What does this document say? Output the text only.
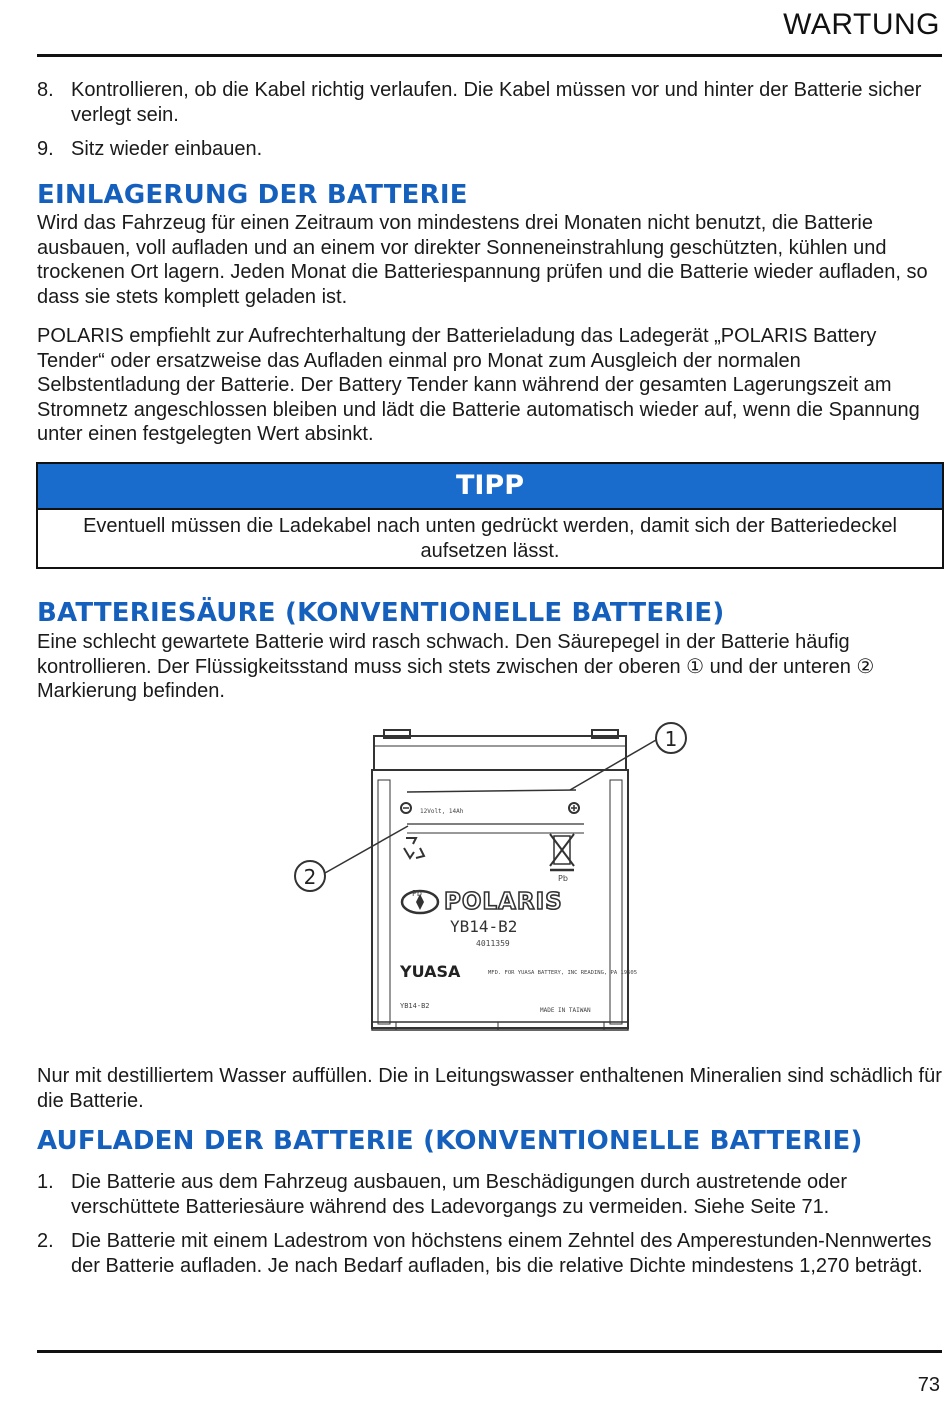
WARTUNG
8. Kontrollieren, ob die Kabel richtig verlaufen. Die Kabel müssen vor und hinter der Batterie sicher verlegt sein.
9. Sitz wieder einbauen.
EINLAGERUNG DER BATTERIE
Wird das Fahrzeug für einen Zeitraum von mindestens drei Monaten nicht benutzt, die Batterie ausbauen, voll aufladen und an einem vor direkter Sonneneinstrahlung geschützten, kühlen und trockenen Ort lagern. Jeden Monat die Batteriespannung prüfen und die Batterie wieder aufladen, so dass sie stets komplett geladen ist.
POLARIS empfiehlt zur Aufrechterhaltung der Batterieladung das Ladegerät „POLARIS Battery Tender“ oder ersatzweise das Aufladen einmal pro Monat zum Ausgleich der normalen Selbstentladung der Batterie. Der Battery Tender kann während der gesamten Lagerungszeit am Stromnetz angeschlossen bleiben und lädt die Batterie automatisch wieder auf, wenn die Spannung unter einen festgelegten Wert absinkt.
TIPP
Eventuell müssen die Ladekabel nach unten gedrückt werden, damit sich der Batteriedeckel aufsetzen lässt.
BATTERIESÄURE (KONVENTIONELLE BATTERIE)
Eine schlecht gewartete Batterie wird rasch schwach. Den Säurepegel in der Batterie häufig kontrollieren. Der Flüssigkeitsstand muss sich stets zwischen der oberen ① und der unteren ② Markierung befinden.
12Volt, 14Ah
Pb
Pb
POLARIS
YB14-B2
4011359
YUASA	MFD. FOR YUASA BATTERY, INC READING, PA 19605
YB14-B2
MADE IN TAIWAN
1
2
Nur mit destilliertem Wasser auffüllen. Die in Leitungswasser enthaltenen Mineralien sind schädlich für die Batterie.
AUFLADEN DER BATTERIE (KONVENTIONELLE BATTERIE)
1. Die Batterie aus dem Fahrzeug ausbauen, um Beschädigungen durch austretende oder verschüttete Batteriesäure während des Ladevorgangs zu vermeiden. Siehe Seite 71.
2. Die Batterie mit einem Ladestrom von höchstens einem Zehntel des Amperestunden-Nennwertes der Batterie aufladen. Je nach Bedarf aufladen, bis die relative Dichte mindestens 1,270 beträgt.
73
